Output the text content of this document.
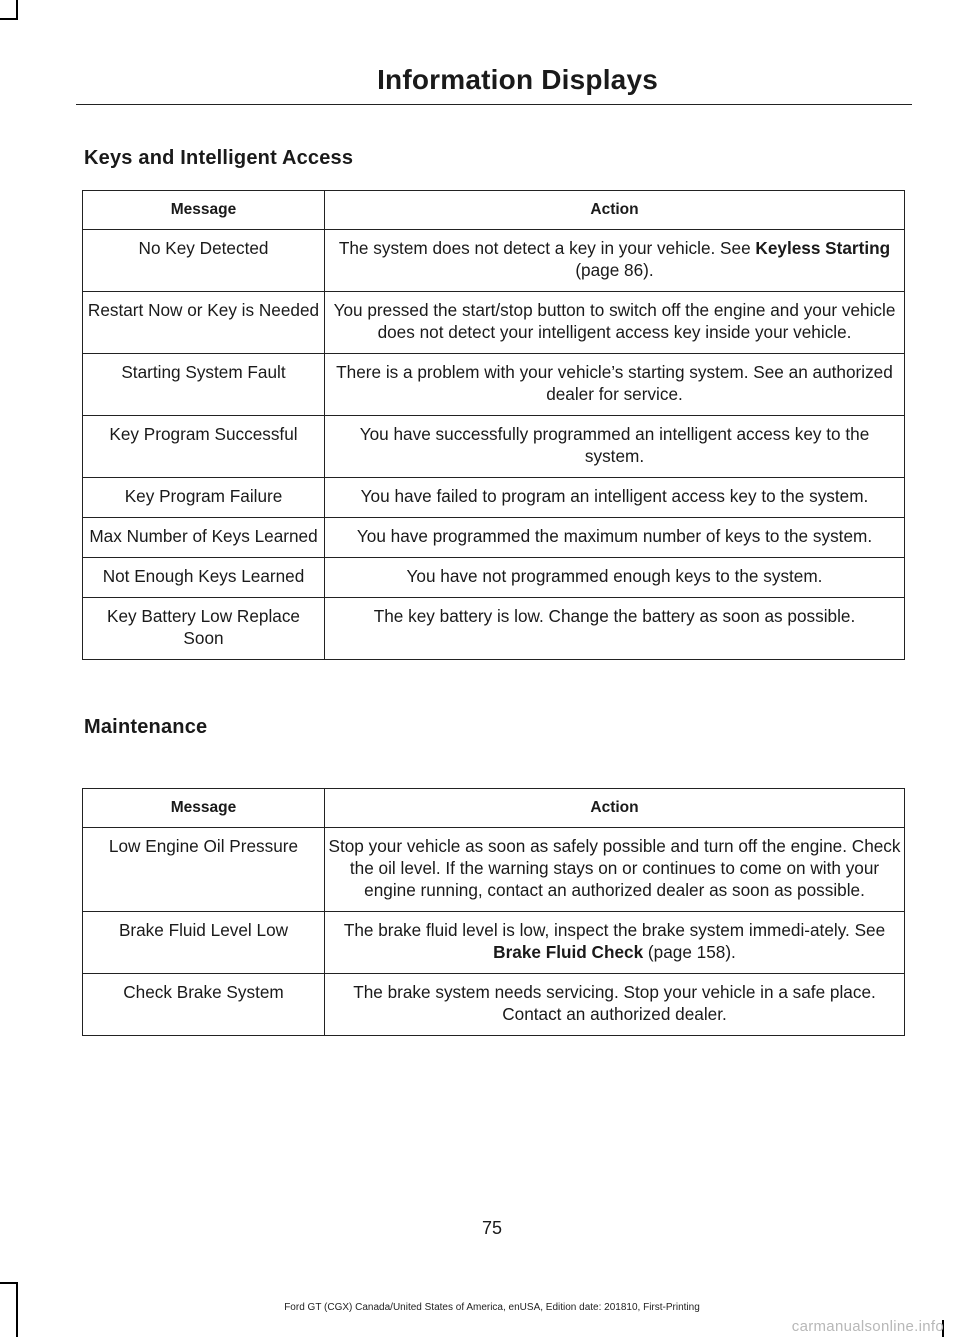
Information Displays
Keys and Intelligent Access
Message	Action
No Key Detected	The system does not detect a key in your vehicle. See Keyless Starting (page 86).
Restart Now or Key is Needed	You pressed the start/stop button to switch off the engine and your vehicle does not detect your intelligent access key inside your vehicle.
Starting System Fault	There is a problem with your vehicle’s starting system. See an authorized dealer for service.
Key Program Successful	You have successfully programmed an intelligent access key to the system.
Key Program Failure	You have failed to program an intelligent access key to the system.
Max Number of Keys Learned	You have programmed the maximum number of keys to the system.
Not Enough Keys Learned	You have not programmed enough keys to the system.
Key Battery Low Replace Soon	The key battery is low. Change the battery as soon as possible.
Maintenance
Message	Action
Low Engine Oil Pressure	Stop your vehicle as soon as safely possible and turn off the engine. Check the oil level. If the warning stays on or continues to come on with your engine running, contact an authorized dealer as soon as possible.
Brake Fluid Level Low	The brake fluid level is low, inspect the brake system immedi-ately. See Brake Fluid Check (page 158).
Check Brake System	The brake system needs servicing. Stop your vehicle in a safe place. Contact an authorized dealer.
75
Ford GT (CGX) Canada/United States of America, enUSA, Edition date: 201810, First-Printing
carmanualsonline.info
